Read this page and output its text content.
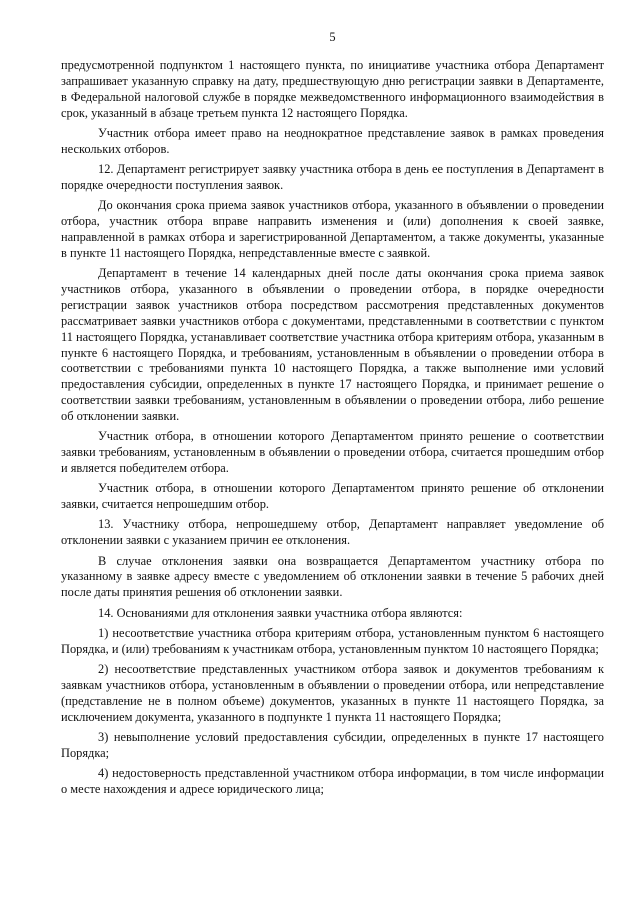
5

предусмотренной подпунктом 1 настоящего пункта, по инициативе участника отбора Департамент запрашивает указанную справку на дату, предшествующую дню регистрации заявки в Департаменте, в Федеральной налоговой службе в порядке межведомственного информационного взаимодействия в срок, указанный в абзаце третьем пункта 12 настоящего Порядка.

Участник отбора имеет право на неоднократное представление заявок в рамках проведения нескольких отборов.

12. Департамент регистрирует заявку участника отбора в день ее поступления в Департамент в порядке очередности поступления заявок.

До окончания срока приема заявок участников отбора, указанного в объявлении о проведении отбора, участник отбора вправе направить изменения и (или) дополнения к своей заявке, направленной в рамках отбора и зарегистрированной Департаментом, а также документы, указанные в пункте 11 настоящего Порядка, непредставленные вместе с заявкой.

Департамент в течение 14 календарных дней после даты окончания срока приема заявок участников отбора, указанного в объявлении о проведении отбора, в порядке очередности регистрации заявок участников отбора посредством рассмотрения представленных документов рассматривает заявки участников отбора с документами, представленными в соответствии с пунктом 11 настоящего Порядка, устанавливает соответствие участника отбора критериям отбора, указанным в пункте 6 настоящего Порядка, и требованиям, установленным в объявлении о проведении отбора в соответствии с требованиями пункта 10 настоящего Порядка, а также выполнение ими условий предоставления субсидии, определенных в пункте 17 настоящего Порядка, и принимает решение о соответствии заявки требованиям, установленным в объявлении о проведении отбора, либо решение об отклонении заявки.

Участник отбора, в отношении которого Департаментом принято решение о соответствии заявки требованиям, установленным в объявлении о проведении отбора, считается прошедшим отбор и является победителем отбора.

Участник отбора, в отношении которого Департаментом принято решение об отклонении заявки, считается непрошедшим отбор.

13. Участнику отбора, непрошедшему отбор, Департамент направляет уведомление об отклонении заявки с указанием причин ее отклонения.

В случае отклонения заявки она возвращается Департаментом участнику отбора по указанному в заявке адресу вместе с уведомлением об отклонении заявки в течение 5 рабочих дней после даты принятия решения об отклонении заявки.

14. Основаниями для отклонения заявки участника отбора являются:

1) несоответствие участника отбора критериям отбора, установленным пунктом 6 настоящего Порядка, и (или) требованиям к участникам отбора, установленным пунктом 10 настоящего Порядка;

2) несоответствие представленных участником отбора заявок и документов требованиям к заявкам участников отбора, установленным в объявлении о проведении отбора, или непредставление (представление не в полном объеме) документов, указанных в пункте 11 настоящего Порядка, за исключением документа, указанного в подпункте 1 пункта 11 настоящего Порядка;

3) невыполнение условий предоставления субсидии, определенных в пункте 17 настоящего Порядка;

4) недостоверность представленной участником отбора информации, в том числе информации о месте нахождения и адресе юридического лица;
